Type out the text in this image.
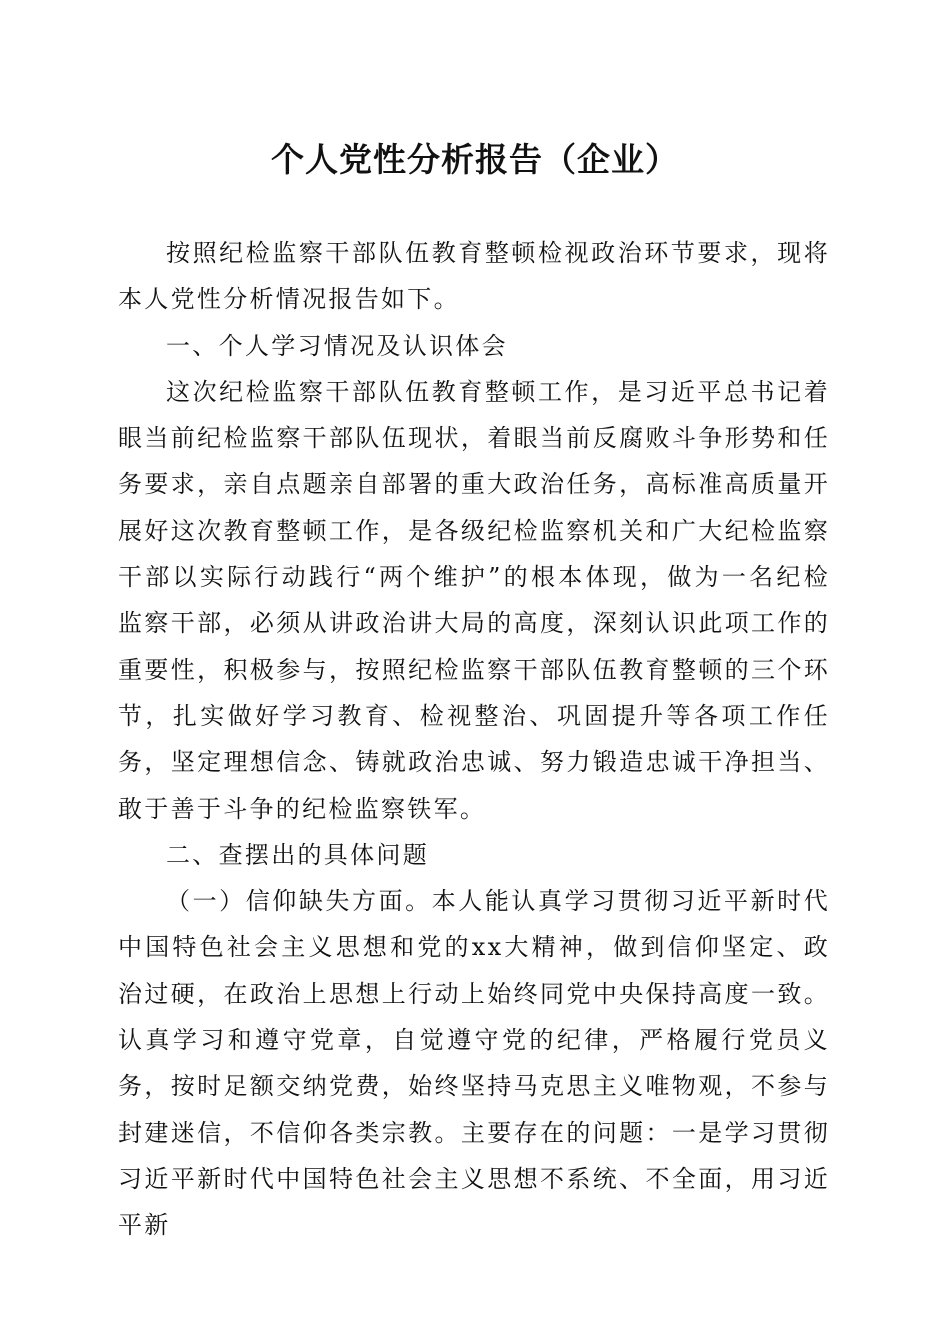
个人党性分析报告（企业）

按照纪检监察干部队伍教育整顿检视政治环节要求，现将本人党性分析情况报告如下。

一、个人学习情况及认识体会

这次纪检监察干部队伍教育整顿工作，是习近平总书记着眼当前纪检监察干部队伍现状，着眼当前反腐败斗争形势和任务要求，亲自点题亲自部署的重大政治任务，高标准高质量开展好这次教育整顿工作，是各级纪检监察机关和广大纪检监察干部以实际行动践行“两个维护”的根本体现，做为一名纪检监察干部，必须从讲政治讲大局的高度，深刻认识此项工作的重要性，积极参与，按照纪检监察干部队伍教育整顿的三个环节，扎实做好学习教育、检视整治、巩固提升等各项工作任务，坚定理想信念、铸就政治忠诚、努力锻造忠诚干净担当、敢于善于斗争的纪检监察铁军。

二、查摆出的具体问题

（一）信仰缺失方面。本人能认真学习贯彻习近平新时代中国特色社会主义思想和党的xx大精神，做到信仰坚定、政治过硬，在政治上思想上行动上始终同党中央保持高度一致。认真学习和遵守党章，自觉遵守党的纪律，严格履行党员义务，按时足额交纳党费，始终坚持马克思主义唯物观，不参与封建迷信，不信仰各类宗教。主要存在的问题：一是学习贯彻习近平新时代中国特色社会主义思想不系统、不全面，用习近平新
